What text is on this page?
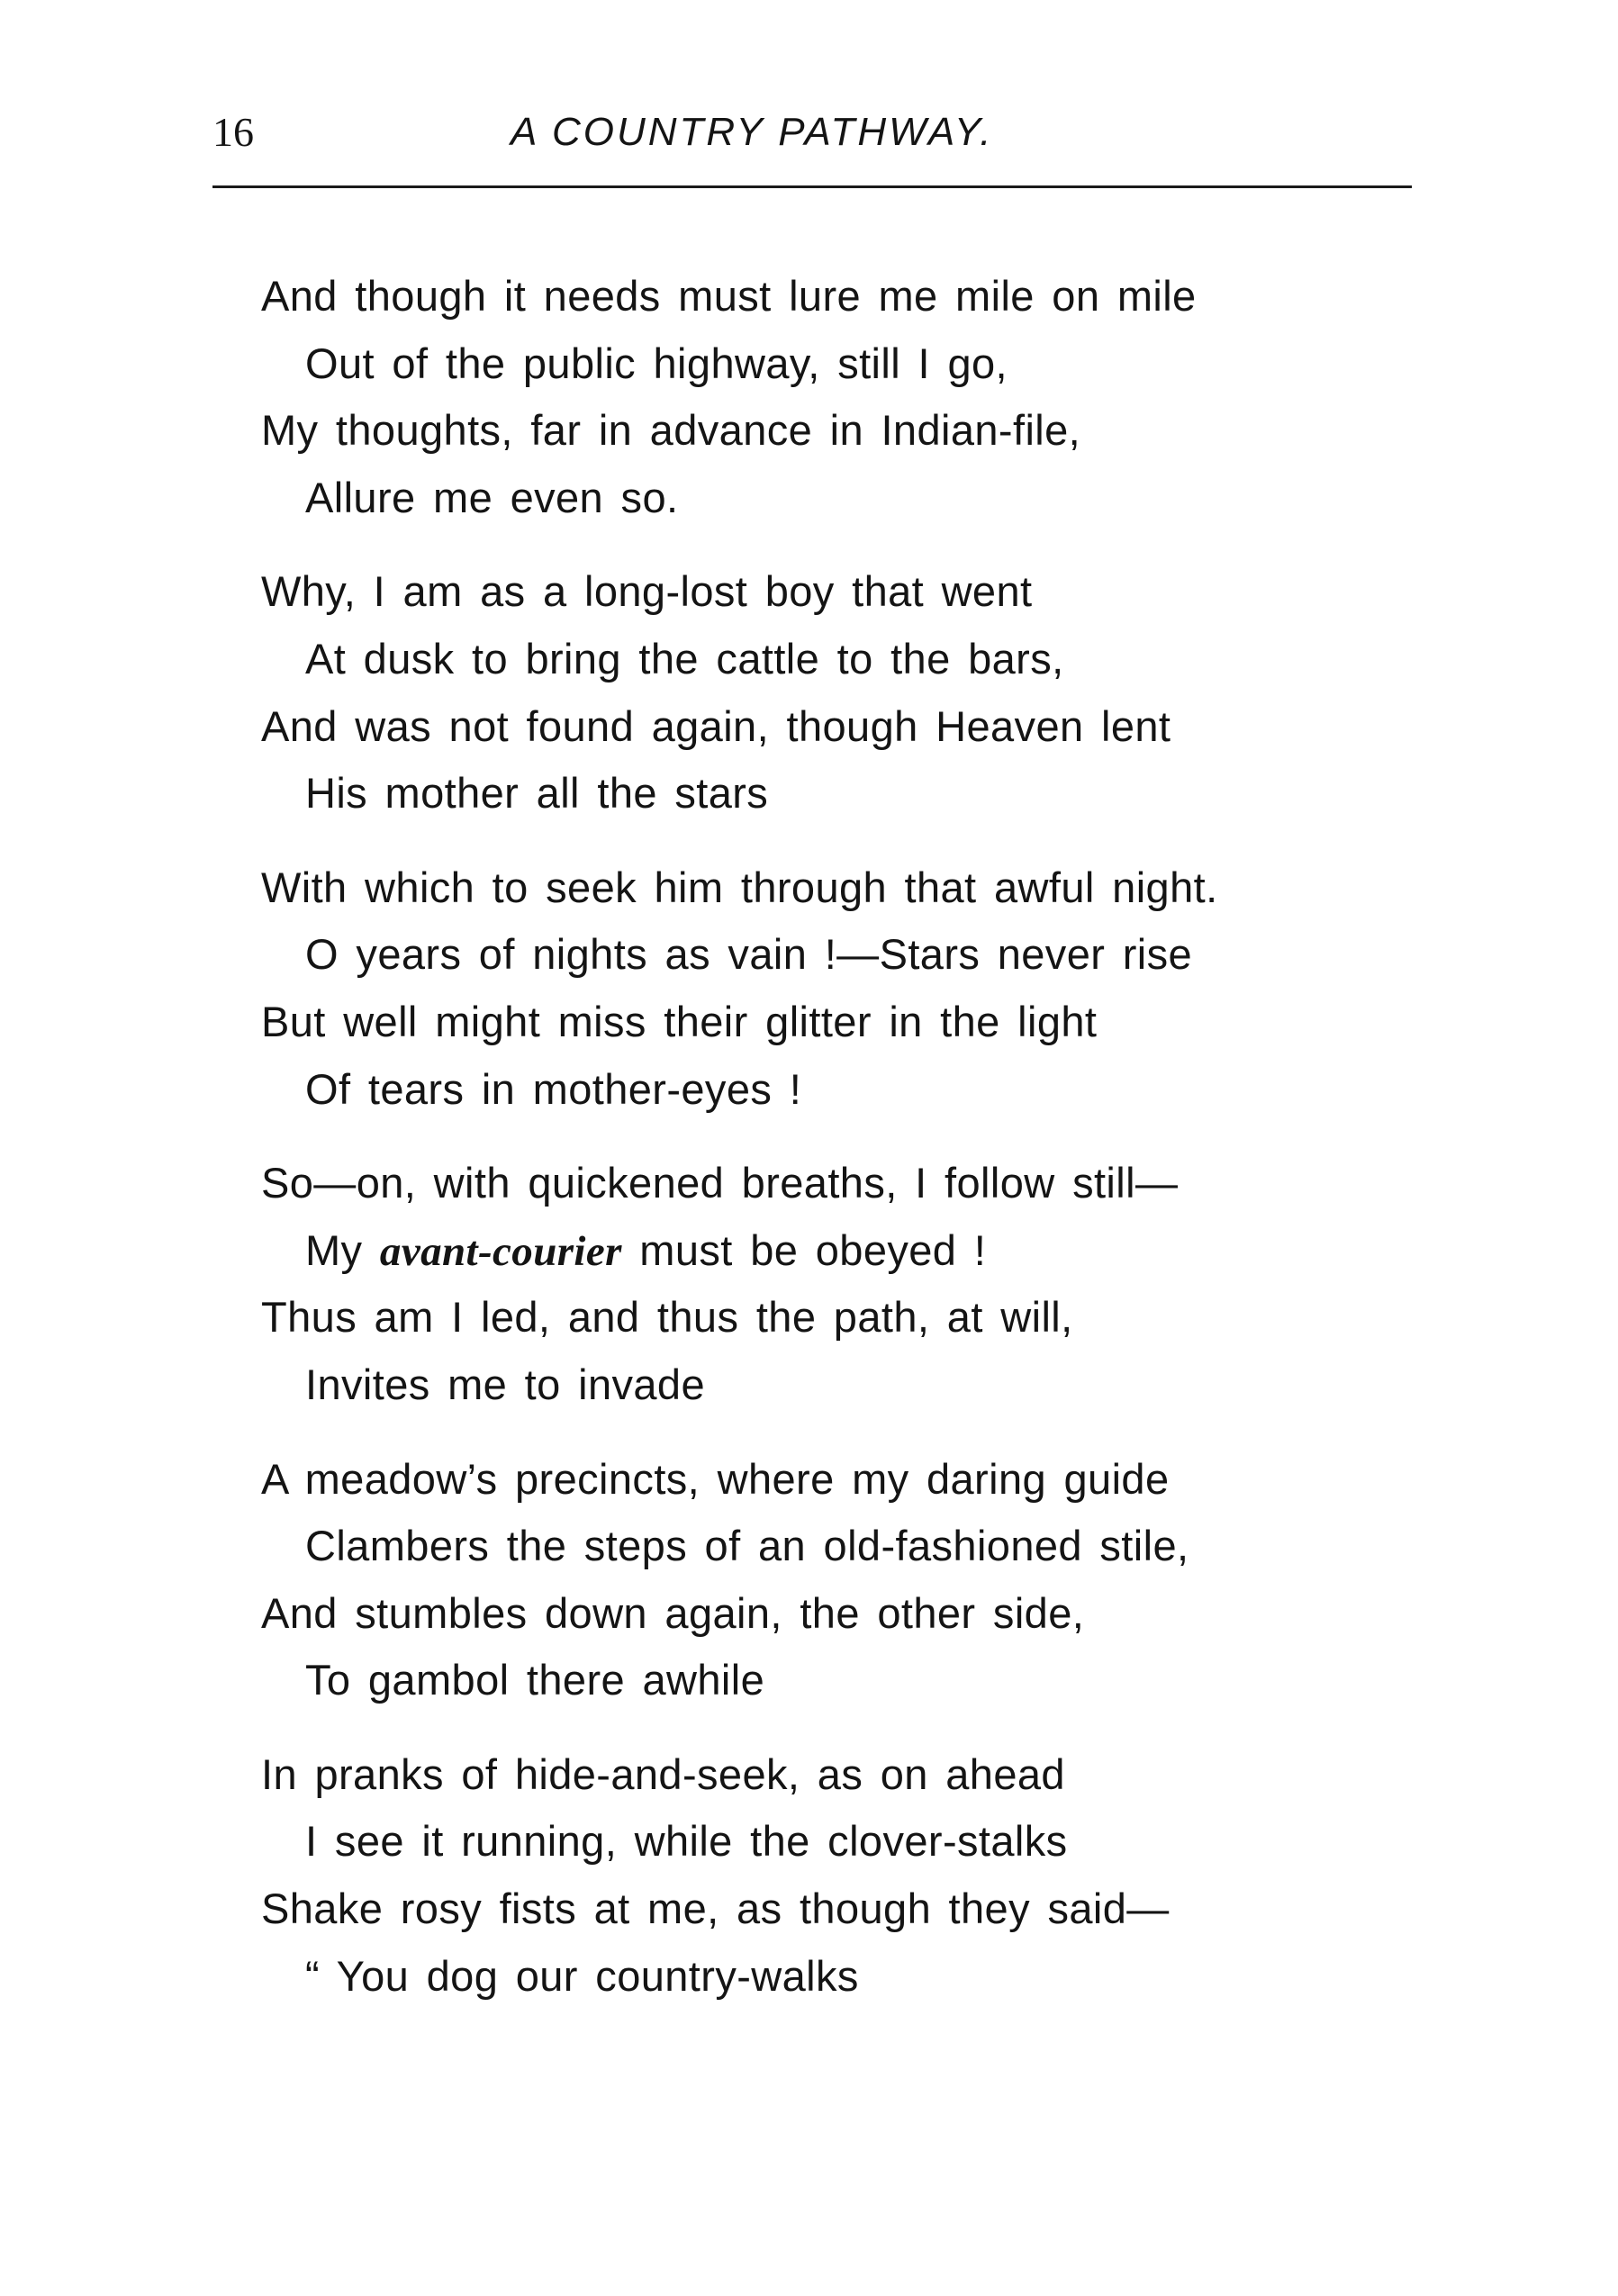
16	A COUNTRY PATHWAY.
And though it needs must lure me mile on mile
Out of the public highway, still I go,
My thoughts, far in advance in Indian-file,
Allure me even so.
Why, I am as a long-lost boy that went
At dusk to bring the cattle to the bars,
And was not found again, though Heaven lent
His mother all the stars
With which to seek him through that awful night.
O years of nights as vain !—Stars never rise
But well might miss their glitter in the light
Of tears in mother-eyes !
So—on, with quickened breaths, I follow still—
My avant-courier must be obeyed !
Thus am I led, and thus the path, at will,
Invites me to invade
A meadow’s precincts, where my daring guide
Clambers the steps of an old-fashioned stile,
And stumbles down again, the other side,
To gambol there awhile
In pranks of hide-and-seek, as on ahead
I see it running, while the clover-stalks
Shake rosy fists at me, as though they said—
“ You dog our country-walks
